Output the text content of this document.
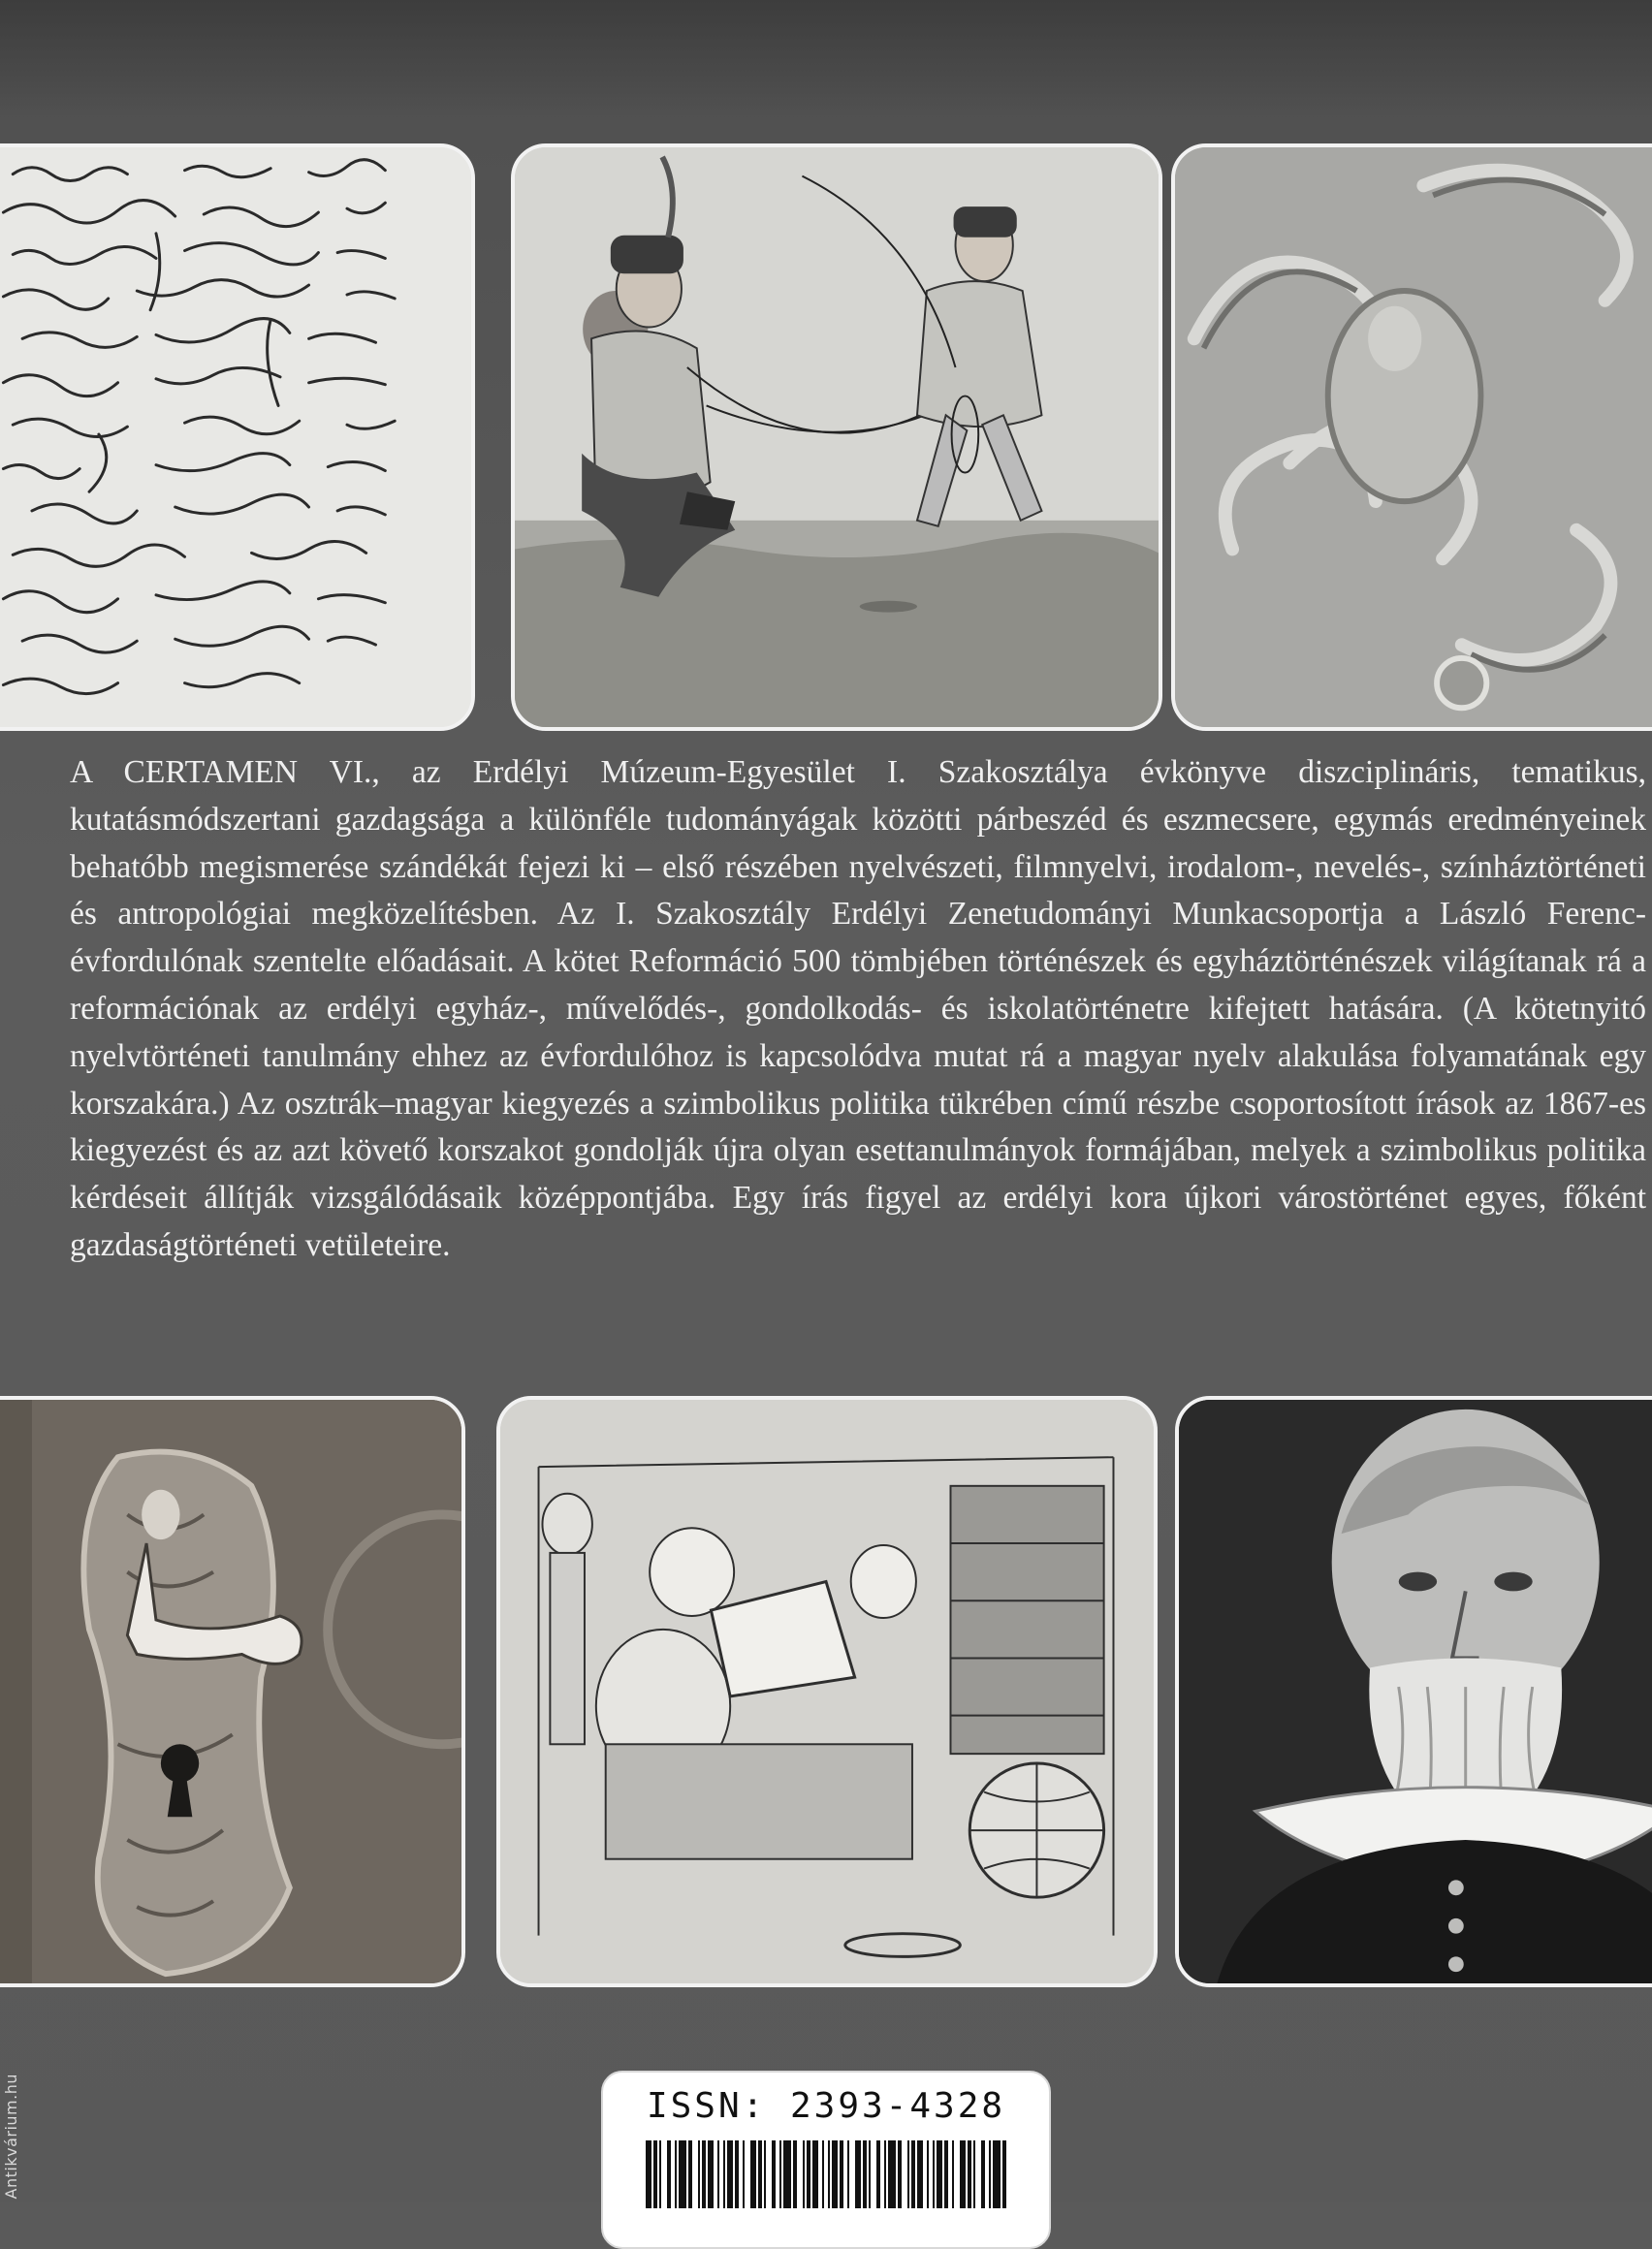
A CERTAMEN VI., az Erdélyi Múzeum-Egyesület I. Szakosztálya évkönyve diszciplináris, tematikus, kutatásmódszertani gazdagsága a különféle tudományágak közötti párbeszéd és eszmecsere, egymás eredményeinek behatóbb megismerése szándékát fejezi ki – első részében nyelvészeti, filmnyelvi, irodalom-, nevelés-, színháztörténeti és antropológiai megközelítésben. Az I. Szakosztály Erdélyi Zenetudományi Munkacsoportja a László Ferenc-évfordulónak szentelte előadásait. A kötet Reformáció 500 tömbjében történészek és egyháztörténészek világítanak rá a reformációnak az erdélyi egyház-, művelődés-, gondolkodás- és iskolatörténetre kifejtett hatására. (A kötetnyitó nyelvtörténeti tanulmány ehhez az évfordulóhoz is kapcsolódva mutat rá a magyar nyelv alakulása folyamatának egy korszakára.) Az osztrák–magyar kiegyezés a szimbolikus politika tükrében című részbe csoportosított írások az 1867-es kiegyezést és az azt követő korszakot gondolják újra olyan esettanulmányok formájában, melyek a szimbolikus politika kérdéseit állítják vizsgálódásaik középpontjába. Egy írás figyel az erdélyi kora újkori várostörténet egyes, főként gazdaságtörténeti vetületeire.

ISSN: 2393-4328
Antikvárium.hu
